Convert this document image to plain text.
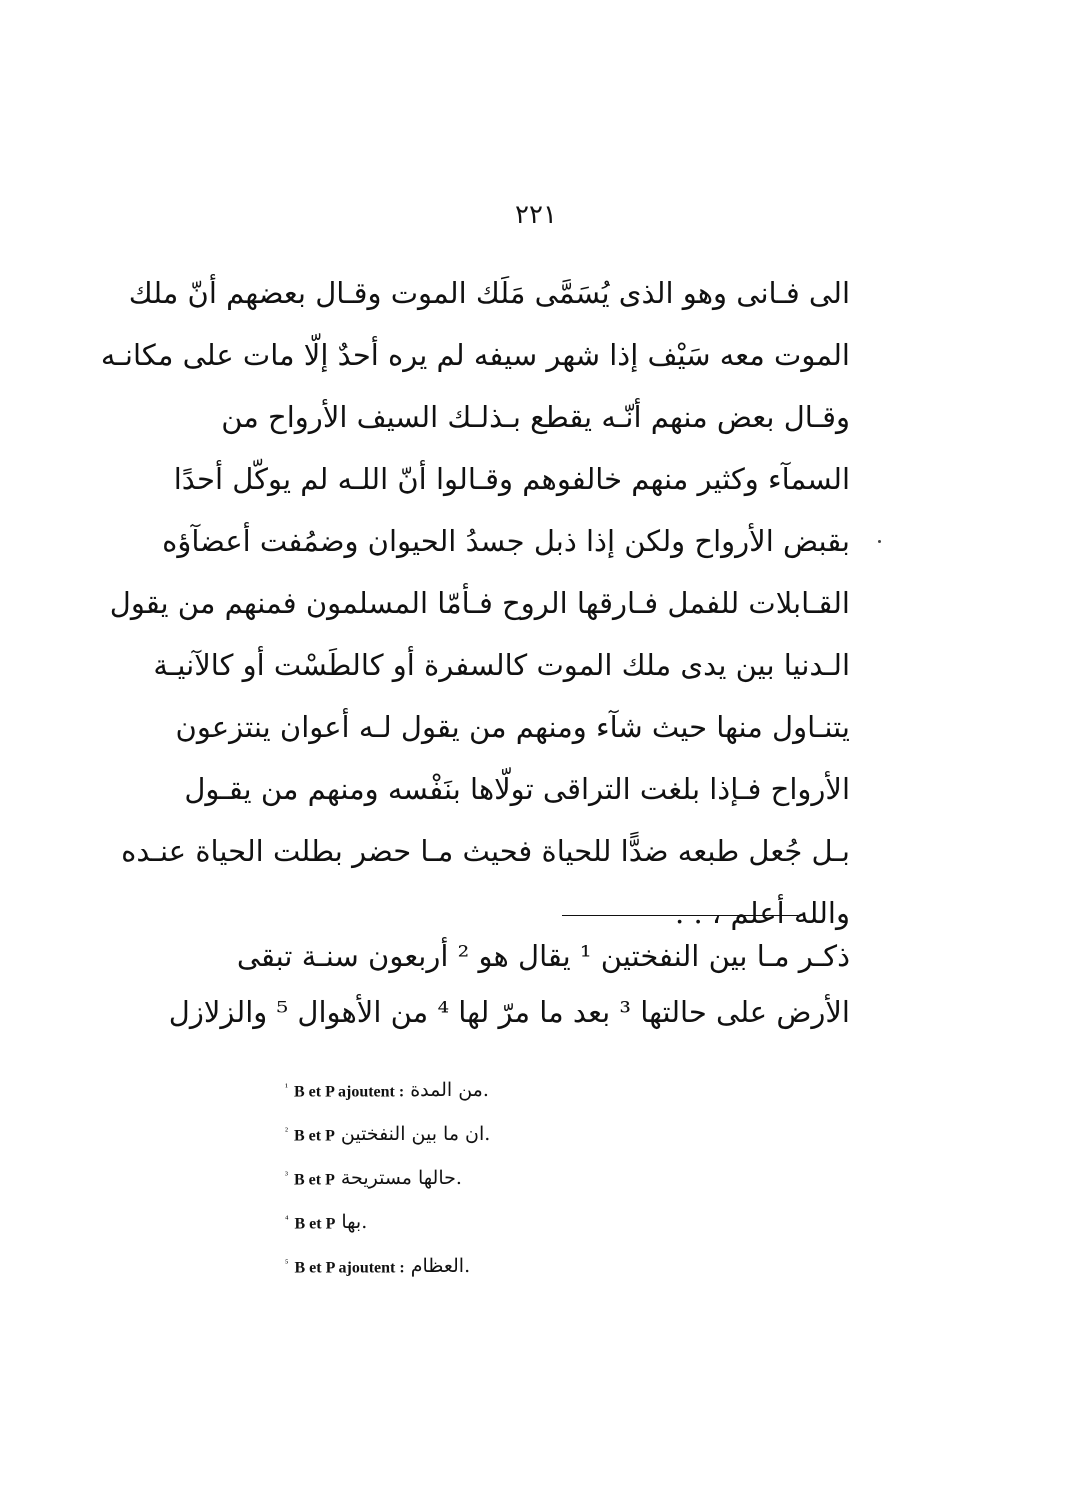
٢٢١
الى فـانى وهو الذى يُسَمَّى مَلَك الموت وقـال بعضهم أنّ ملك
الموت معه سَيْف إذا شهر سيفه لم يره أحدٌ إلّا مات على مكانـه
وقـال بعض منهم أنّـه يقطع بـذلـك السيف الأرواح من
السمآء وكثير منهم خالفوهم وقـالوا أنّ اللـه لم يوكّل أحدًا
بقبض الأرواح ولكن إذا ذبل جسدُ الحيوان وضمُفت أعضآؤه
القـابلات للفمل فـارقها الروح فـأمّا المسلمون فمنهم من يقول
الـدنيا بين يدى ملك الموت كالسفرة أو كالطَسْت أو كالآنيـة
يتنـاول منها حيث شآء ومنهم من يقول لـه أعوان ينتزعون
الأرواح فـإذا بلغت التراقى تولّاها بنَفْسه ومنهم من يقـول
بـل جُعل طبعه ضدًّا للحياة فحيث مـا حضر بطلت الحياة عنـده
والله أعلم ، . .
ذكـر مـا بين النفختين ¹ يقال هو ² أربعون سنـة تبقى
الأرض على حالتها ³ بعد ما مرّ لها ⁴ من الأهوال ⁵ والزلازل
$^{^1}$ B et P ajoutent : .من المدة
$^{^2}$ B et P .ان ما بين النفختين
$^{^3}$ B et P .حالها مستريحة
$^{^4}$ B et P .بها
$^{^5}$ B et P ajoutent : .العظام
